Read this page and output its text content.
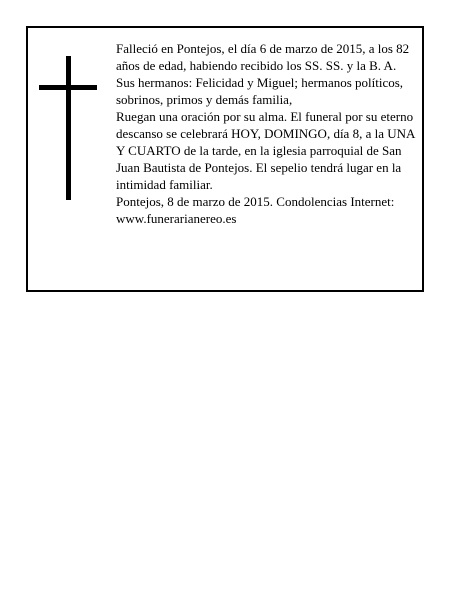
Falleció en Pontejos, el día 6 de marzo de 2015, a los 82 años de edad, habiendo recibido los SS. SS. y la B. A.

Sus hermanos: Felicidad y Miguel; hermanos políticos, sobrinos, primos y demás familia,

Ruegan una oración por su alma. El funeral por su eterno descanso se celebrará HOY, DOMINGO, día 8, a la UNA Y CUARTO de la tarde, en la iglesia parroquial de San Juan Bautista de Pontejos. El sepelio tendrá lugar en la intimidad familiar.

Pontejos, 8 de marzo de 2015. Condolencias Internet: www.funerarianereo.es
